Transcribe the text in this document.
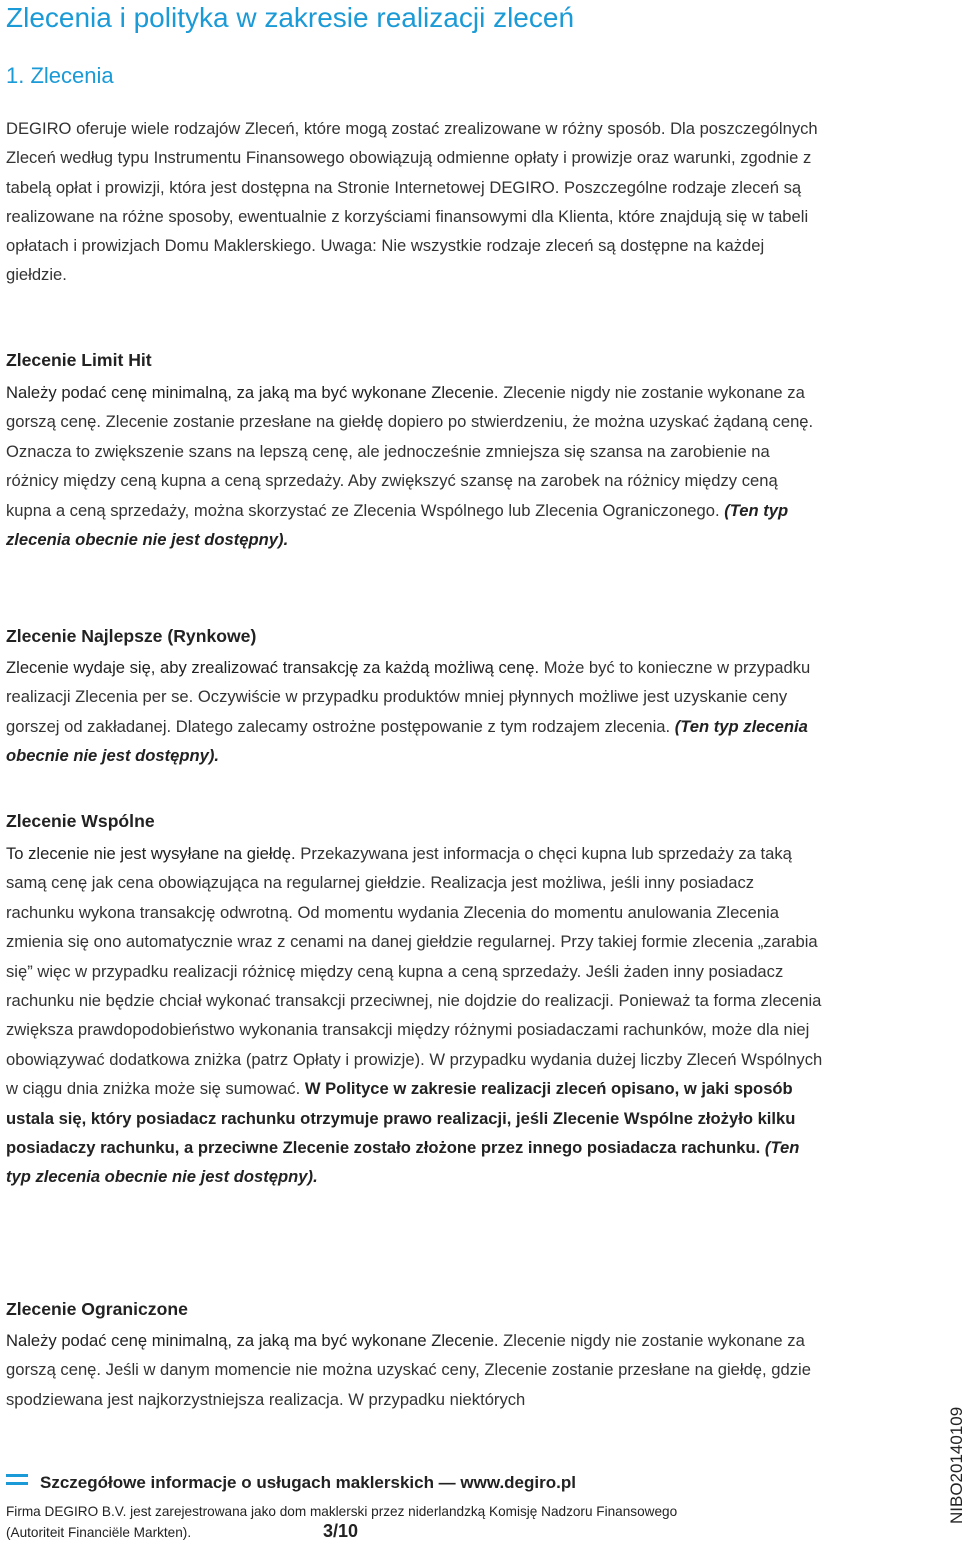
Zlecenia i polityka w zakresie realizacji zleceń
1. Zlecenia

DEGIRO oferuje wiele rodzajów Zleceń, które mogą zostać zrealizowane w różny sposób. Dla poszczególnych Zleceń według typu Instrumentu Finansowego obowiązują odmienne opłaty i prowizje oraz warunki, zgodnie z tabelą opłat i prowizji, która jest dostępna na Stronie Internetowej DEGIRO. Poszczególne rodzaje zleceń są realizowane na różne sposoby, ewentualnie z korzyściami finansowymi dla Klienta, które znajdują się w tabeli opłatach i prowizjach Domu Maklerskiego. Uwaga: Nie wszystkie rodzaje zleceń są dostępne na każdej giełdzie.

Zlecenie Limit Hit

Należy podać cenę minimalną, za jaką ma być wykonane Zlecenie. Zlecenie nigdy nie zostanie wykonane za gorszą cenę. Zlecenie zostanie przesłane na giełdę dopiero po stwierdzeniu, że można uzyskać żądaną cenę. Oznacza to zwiększenie szans na lepszą cenę, ale jednocześnie zmniejsza się szansa na zarobienie na różnicy między ceną kupna a ceną sprzedaży. Aby zwiększyć szansę na zarobek na różnicy między ceną kupna a ceną sprzedaży, można skorzystać ze Zlecenia Wspólnego lub Zlecenia Ograniczonego. (Ten typ zlecenia obecnie nie jest dostępny).

Zlecenie Najlepsze (Rynkowe)

Zlecenie wydaje się, aby zrealizować transakcję za każdą możliwą cenę. Może być to konieczne w przypadku realizacji Zlecenia per se. Oczywiście w przypadku produktów mniej płynnych możliwe jest uzyskanie ceny gorszej od zakładanej. Dlatego zalecamy ostrożne postępowanie z tym rodzajem zlecenia. (Ten typ zlecenia obecnie nie jest dostępny).

Zlecenie Wspólne

To zlecenie nie jest wysyłane na giełdę. Przekazywana jest informacja o chęci kupna lub sprzedaży za taką samą cenę jak cena obowiązująca na regularnej giełdzie. Realizacja jest możliwa, jeśli inny posiadacz rachunku wykona transakcję odwrotną. Od momentu wydania Zlecenia do momentu anulowania Zlecenia zmienia się ono automatycznie wraz z cenami na danej giełdzie regularnej. Przy takiej formie zlecenia „zarabia się” więc w przypadku realizacji różnicę między ceną kupna a ceną sprzedaży. Jeśli żaden inny posiadacz rachunku nie będzie chciał wykonać transakcji przeciwnej, nie dojdzie do realizacji. Ponieważ ta forma zlecenia zwiększa prawdopodobieństwo wykonania transakcji między różnymi posiadaczami rachunków, może dla niej obowiązywać dodatkowa zniżka (patrz Opłaty i prowizje). W przypadku wydania dużej liczby Zleceń Wspólnych w ciągu dnia zniżka może się sumować. W Polityce w zakresie realizacji zleceń opisano, w jaki sposób ustala się, który posiadacz rachunku otrzymuje prawo realizacji, jeśli Zlecenie Wspólne złożyło kilku posiadaczy rachunku, a przeciwne Zlecenie zostało złożone przez innego posiadacza rachunku. (Ten typ zlecenia obecnie nie jest dostępny).

Zlecenie Ograniczone

Należy podać cenę minimalną, za jaką ma być wykonane Zlecenie. Zlecenie nigdy nie zostanie wykonane za gorszą cenę. Jeśli w danym momencie nie można uzyskać ceny, Zlecenie zostanie przesłane na giełdę, gdzie spodziewana jest najkorzystniejsza realizacja. W przypadku niektórych

Szczegółowe informacje o usługach maklerskich — www.degiro.pl
Firma DEGIRO B.V. jest zarejestrowana jako dom maklerski przez niderlandzką Komisję Nadzoru Finansowego
(Autoriteit Financiële Markten).	3/10
NIBO20140109
